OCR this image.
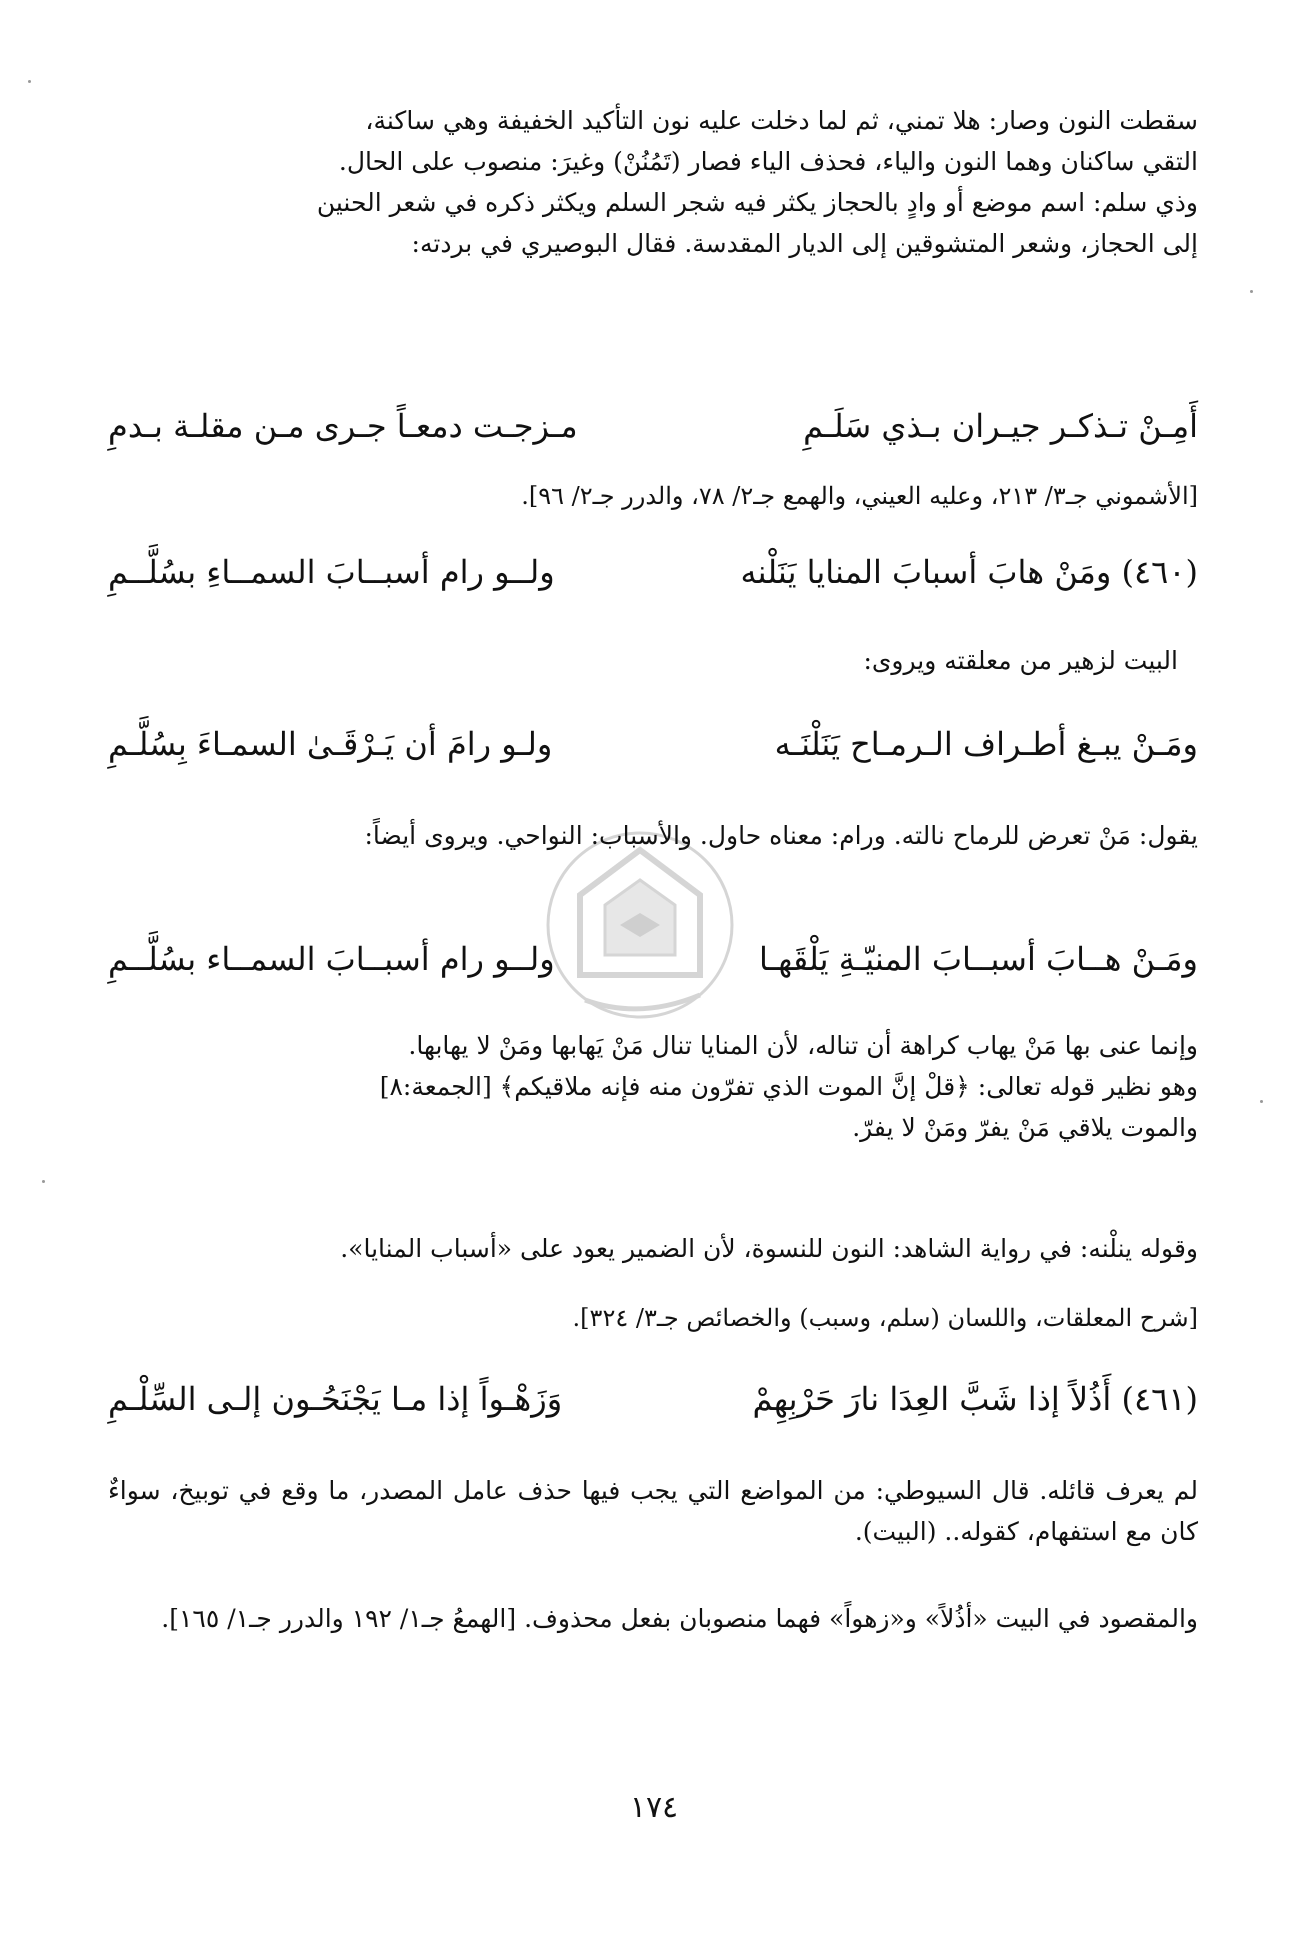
سقطت النون وصار: هلا تمني، ثم لما دخلت عليه نون التأكيد الخفيفة وهي ساكنة،
التقي ساكنان وهما النون والياء، فحذف الياء فصار (تَمُنُنْ) وغيرَ: منصوب على الحال.
وذي سلم: اسم موضع أو وادٍ بالحجاز يكثر فيه شجر السلم ويكثر ذكره في شعر الحنين
إلى الحجاز، وشعر المتشوقين إلى الديار المقدسة. فقال البوصيري في بردته:
أَمِـنْ تـذكـر جيـران بـذي سَلَـمِ
مـزجـت دمعـاً جـرى مـن مقلـة بـدمِ
[الأشموني جـ٣/ ٢١٣، وعليه العيني، والهمع جـ٢/ ٧٨، والدرر جـ٢/ ٩٦].
(٤٦٠) ومَنْ هابَ أسبابَ المنايا يَنَلْنه
ولــو رام أسبــابَ السمــاءِ بسُلَّــمِ
البيت لزهير من معلقته ويروى:
ومَـنْ يبـغ أطـراف الـرمـاح يَنَلْنَـه
ولـو رامَ أن يَـرْقَـىٰ السمـاءَ بِسُلَّـمِ
يقول: مَنْ تعرض للرماح نالته. ورام: معناه حاول. والأسباب: النواحي. ويروى أيضاً:
ومَـنْ هــابَ أسبــابَ المنيّـةِ يَلْقَهـا
ولــو رام أسبــابَ السمــاء بسُلَّــمِ
وإنما عنى بها مَنْ يهاب كراهة أن تناله، لأن المنايا تنال مَنْ يَهابها ومَنْ لا يهابها.
وهو نظير قوله تعالى: ﴿قلْ إنَّ الموت الذي تفرّون منه فإنه ملاقيكم﴾ [الجمعة:٨]
والموت يلاقي مَنْ يفرّ ومَنْ لا يفرّ.
وقوله ينلْنه: في رواية الشاهد: النون للنسوة، لأن الضمير يعود على «أسباب المنايا».
[شرح المعلقات، واللسان (سلم، وسبب) والخصائص جـ٣/ ٣٢٤].
(٤٦١) أَذُلاً إذا شَبَّ العِدَا نارَ حَرْبِهِمْ
وَزَهْـواً إذا مـا يَجْنَحُـون إلـى السِّلْـمِ
لم يعرف قائله. قال السيوطي: من المواضع التي يجب فيها حذف عامل المصدر، ما وقع في توبيخ، سواءٌ كان مع استفهام، كقوله.. (البيت).
والمقصود في البيت «أذُلاً» و«زهواً» فهما منصوبان بفعل محذوف. [الهمعُ جـ١/ ١٩٢ والدرر جـ١/ ١٦٥].
١٧٤
